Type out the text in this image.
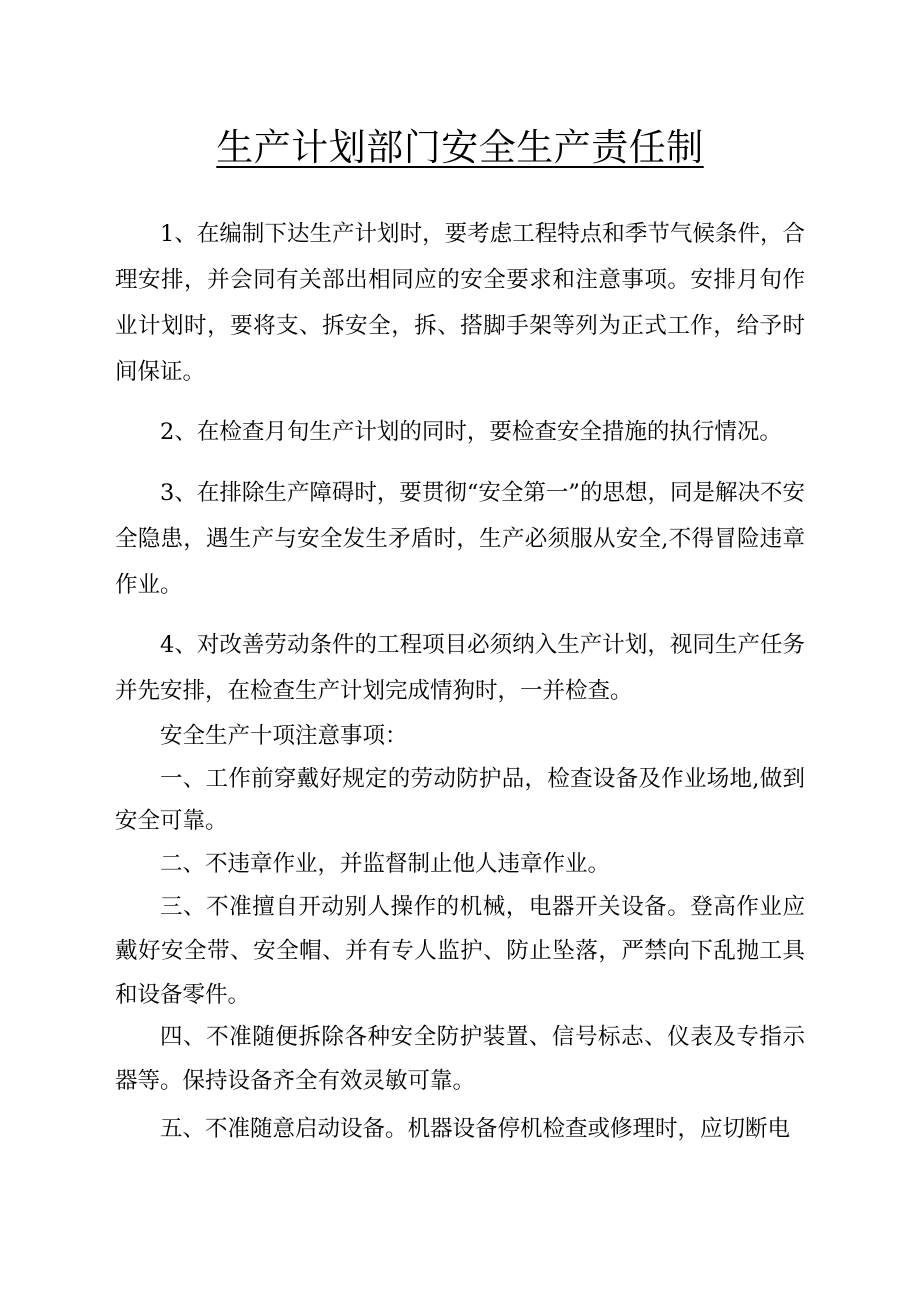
生产计划部门安全生产责任制

1、在编制下达生产计划时，要考虑工程特点和季节气候条件，合理安排，并会同有关部出相同应的安全要求和注意事项。安排月旬作业计划时，要将支、拆安全，拆、搭脚手架等列为正式工作，给予时间保证。

2、在检查月旬生产计划的同时，要检查安全措施的执行情况。

3、在排除生产障碍时，要贯彻“安全第一”的思想，同是解决不安全隐患，遇生产与安全发生矛盾时，生产必须服从安全,不得冒险违章作业。

4、对改善劳动条件的工程项目必须纳入生产计划，视同生产任务并先安排，在检查生产计划完成情狗时，一并检查。

安全生产十项注意事项：

一、工作前穿戴好规定的劳动防护品，检查设备及作业场地,做到安全可靠。

二、不违章作业，并监督制止他人违章作业。

三、不准擅自开动别人操作的机械，电器开关设备。登高作业应戴好安全带、安全帽、并有专人监护、防止坠落，严禁向下乱抛工具和设备零件。

四、不准随便拆除各种安全防护装置、信号标志、仪表及专指示器等。保持设备齐全有效灵敏可靠。

五、不准随意启动设备。机器设备停机检查或修理时，应切断电
